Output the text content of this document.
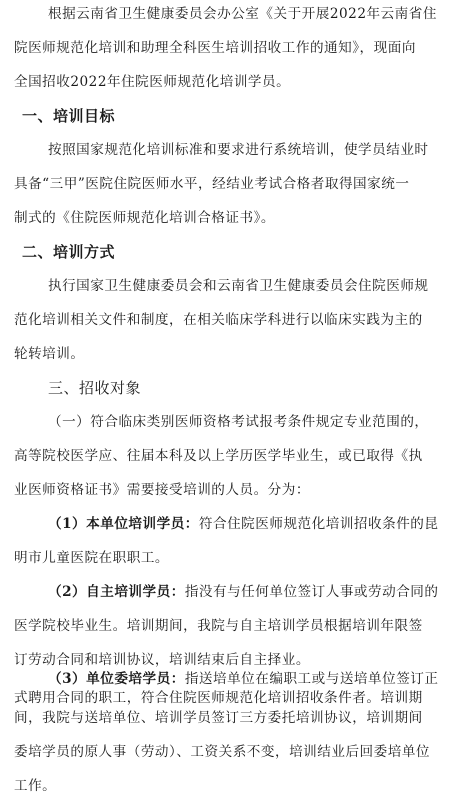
根据云南省卫生健康委员会办公室《关于开展2022年云南省住
院医师规范化培训和助理全科医生培训招收工作的通知》，现面向
全国招收2022年住院医师规范化培训学员。
一、培训目标
按照国家规范化培训标准和要求进行系统培训，使学员结业时
具备“三甲”医院住院医师水平，经结业考试合格者取得国家统一
制式的《住院医师规范化培训合格证书》。
二、培训方式
执行国家卫生健康委员会和云南省卫生健康委员会住院医师规
范化培训相关文件和制度，在相关临床学科进行以临床实践为主的
轮转培训。
三、招收对象
（一）符合临床类别医师资格考试报考条件规定专业范围的，
高等院校医学应、往届本科及以上学历医学毕业生，或已取得《执
业医师资格证书》需要接受培训的人员。分为：
（1）本单位培训学员：符合住院医师规范化培训招收条件的昆
明市儿童医院在职职工。
（2）自主培训学员：指没有与任何单位签订人事或劳动合同的
医学院校毕业生。培训期间，我院与自主培训学员根据培训年限签
订劳动合同和培训协议，培训结束后自主择业。
（3）单位委培学员：指送培单位在编职工或与送培单位签订正
式聘用合同的职工，符合住院医师规范化培训招收条件者。培训期
间，我院与送培单位、培训学员签订三方委托培训协议，培训期间
委培学员的原人事（劳动）、工资关系不变，培训结业后回委培单位
工作。
